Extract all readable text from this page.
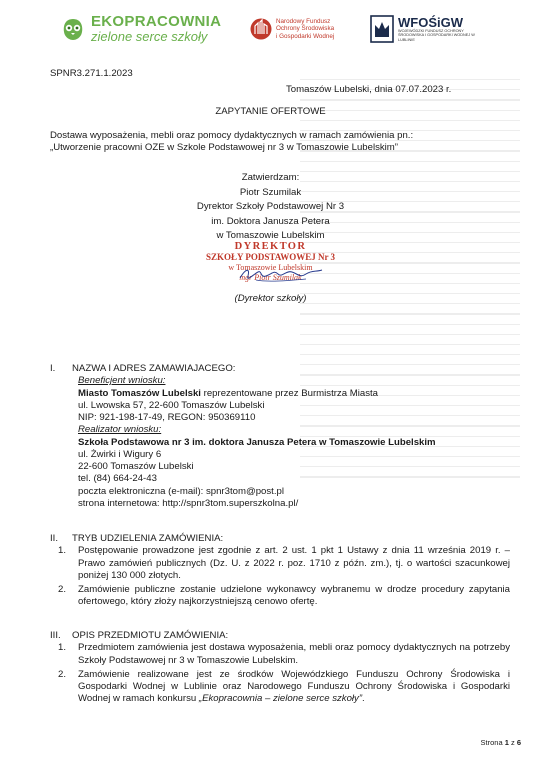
EKOPRACOWNIA
zielone serce szkoły
Narodowy Fundusz
Ochrony Środowiska
i Gospodarki Wodnej
WFOŚiGW
WOJEWÓDZKI FUNDUSZ OCHRONY ŚRODOWISKA I GOSPODARKI WODNEJ W LUBLINIE
SPNR3.271.1.2023
Tomaszów Lubelski, dnia 07.07.2023 r.
ZAPYTANIE OFERTOWE
Dostawa wyposażenia, mebli oraz pomocy dydaktycznych w ramach zamówienia pn.:
„Utworzenie pracowni OZE w Szkole Podstawowej nr 3 w Tomaszowie Lubelskim”
Zatwierdzam:
Piotr Szumilak
Dyrektor Szkoły Podstawowej Nr 3
im. Doktora Janusza Petera
w Tomaszowie Lubelskim
DYREKTOR
SZKOŁY PODSTAWOWEJ Nr 3
w Tomaszowie Lubelskim
mgr Piotr Szumilak
(Dyrektor szkoły)
I.	NAZWA I ADRES ZAMAWIAJACEGO:
Beneficjent wniosku:
Miasto Tomaszów Lubelski reprezentowane przez Burmistrza Miasta
ul. Lwowska 57, 22-600 Tomaszów Lubelski
NIP: 921-198-17-49, REGON: 950369110
Realizator wniosku:
Szkoła Podstawowa nr 3 im. doktora Janusza Petera w Tomaszowie Lubelskim
ul. Żwirki i Wigury 6
22-600 Tomaszów Lubelski
tel. (84) 664-24-43
poczta elektroniczna (e-mail): spnr3tom@post.pl
strona internetowa: http://spnr3tom.superszkolna.pl/
II.	TRYB UDZIELENIA ZAMÓWIENIA:
1.	Postępowanie prowadzone jest zgodnie z art. 2 ust. 1 pkt 1 Ustawy z dnia 11 września 2019 r. – Prawo zamówień publicznych (Dz. U. z 2022 r. poz. 1710 z późn. zm.), tj. o wartości szacunkowej poniżej 130 000 złotych.
2.	Zamówienie publiczne zostanie udzielone wykonawcy wybranemu w drodze procedury zapytania ofertowego, który złoży najkorzystniejszą cenowo ofertę.
III.	OPIS PRZEDMIOTU ZAMÓWIENIA:
1.	Przedmiotem zamówienia jest dostawa wyposażenia, mebli oraz pomocy dydaktycznych na potrzeby Szkoły Podstawowej nr 3 w Tomaszowie Lubelskim.
2.	Zamówienie realizowane jest ze środków Wojewódzkiego Funduszu Ochrony Środowiska i Gospodarki Wodnej w Lublinie oraz Narodowego Funduszu Ochrony Środowiska i Gospodarki Wodnej w ramach konkursu „Ekopracownia – zielone serce szkoły”.
Strona 1 z 6
